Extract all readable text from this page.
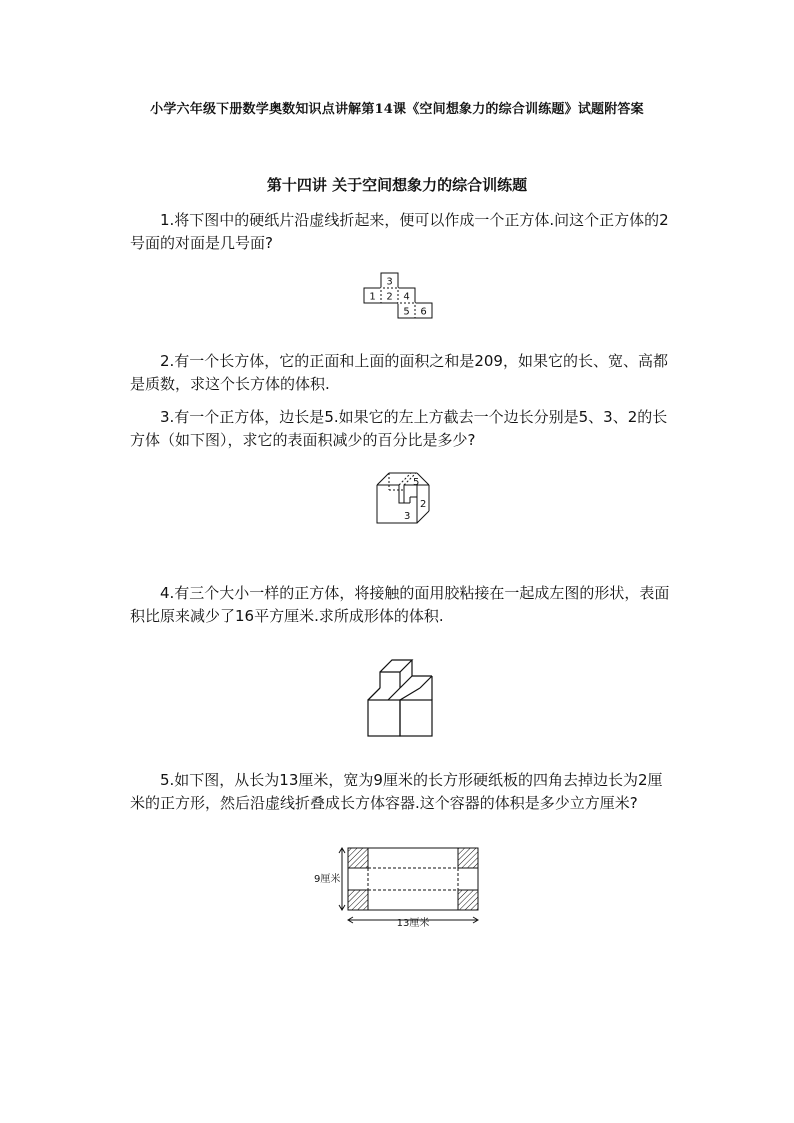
小学六年级下册数学奥数知识点讲解第14课《空间想象力的综合训练题》试题附答案
第十四讲 关于空间想象力的综合训练题
1.将下图中的硬纸片沿虚线折起来，便可以作成一个正方体.问这个正方体的2号面的对面是几号面?
1 2
3
4
5 6
2.有一个长方体，它的正面和上面的面积之和是209，如果它的长、宽、高都是质数，求这个长方体的体积.
3.有一个正方体，边长是5.如果它的左上方截去一个边长分别是5、3、2的长方体（如下图），求它的表面积减少的百分比是多少?
5
2
3
4.有三个大小一样的正方体，将接触的面用胶粘接在一起成左图的形状，表面积比原来减少了16平方厘米.求所成形体的体积.
5.如下图，从长为13厘米，宽为9厘米的长方形硬纸板的四角去掉边长为2厘米的正方形，然后沿虚线折叠成长方体容器.这个容器的体积是多少立方厘米?
9厘米
13厘米
